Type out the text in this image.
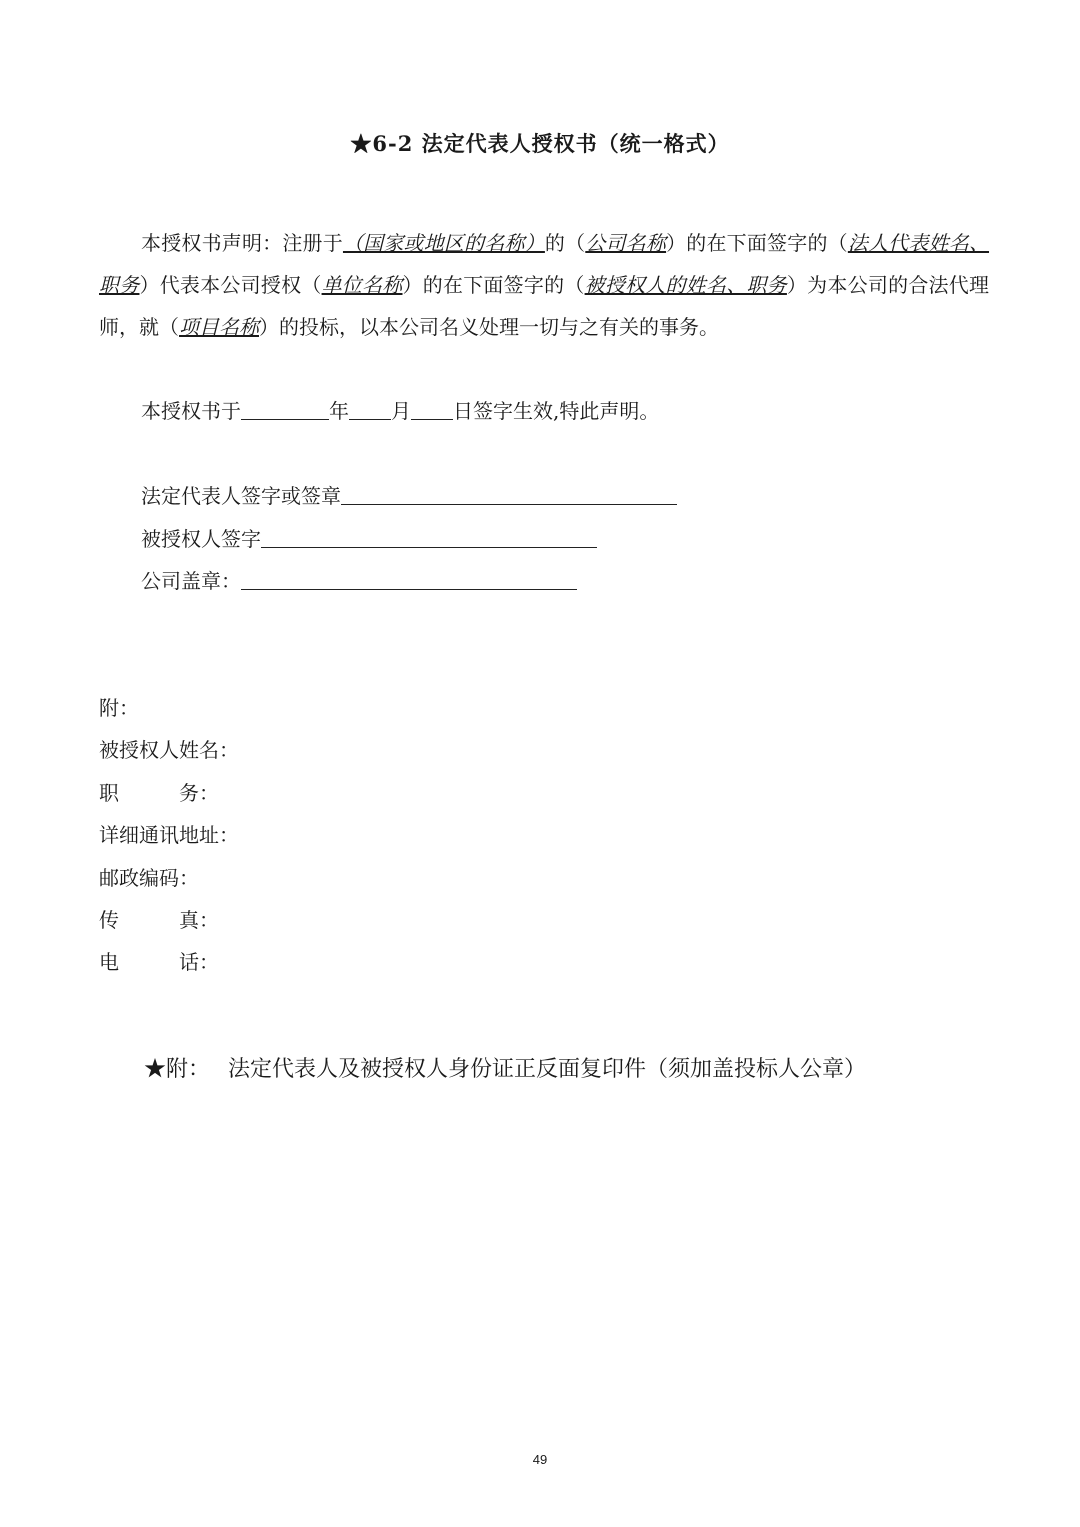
★6-2 法定代表人授权书（统一格式）
本授权书声明：注册于（国家或地区的名称）的（公司名称）的在下面签字的（法人代表姓名、职务）代表本公司授权（单位名称）的在下面签字的（被授权人的姓名、职务）为本公司的合法代理师，就（项目名称）的投标，以本公司名义处理一切与之有关的事务。
本授权书于	年 月 日签字生效,特此声明。
法定代表人签字或签章
被授权人签字
公司盖章：
附：
被授权人姓名：
职　　　务：
详细通讯地址：
邮政编码：
传　　　真：
电　　　话：
★附： 法定代表人及被授权人身份证正反面复印件（须加盖投标人公章）
49
